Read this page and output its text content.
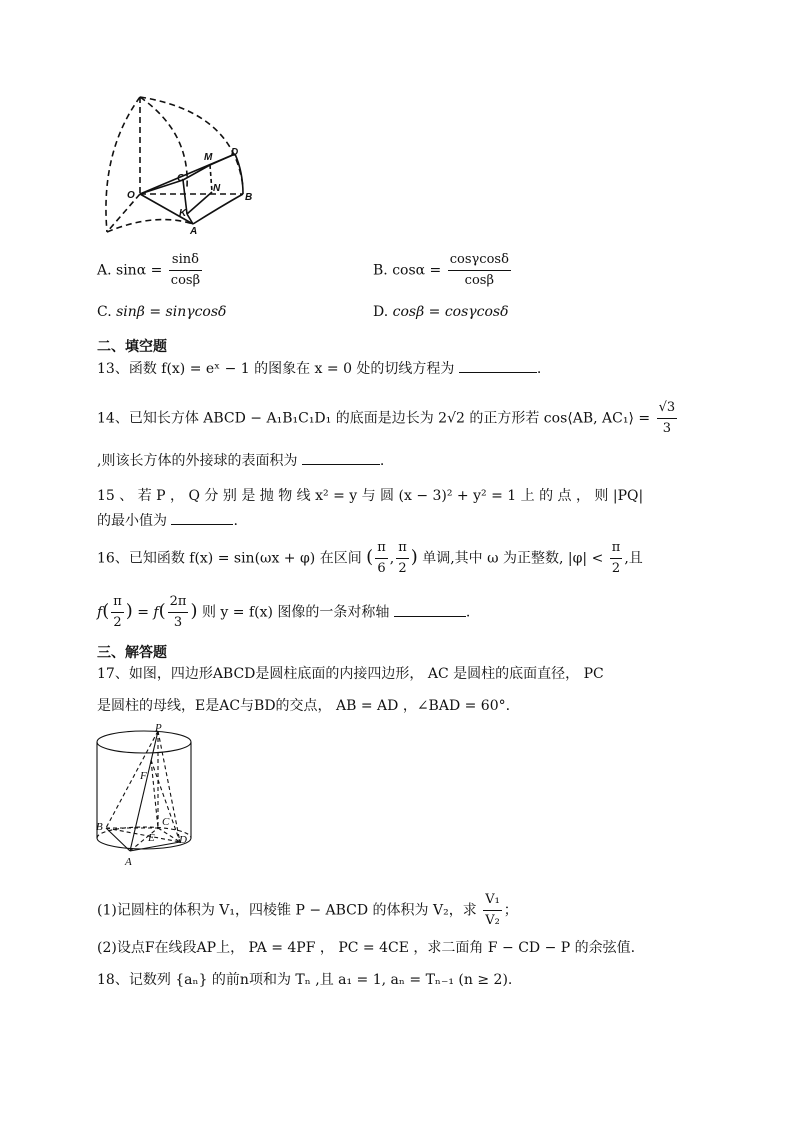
M D
C
O
N
B
K
A
A. $\sin\alpha = \frac{\sin\delta}{\cos\beta}$	B. $\cos\alpha = \frac{\cos\gamma\cos\delta}{\cos\beta}$
C. sinβ = sinγcosδ	D. cosβ = cosγcosδ
二、填空题
13、函数 f(x) = eˣ − 1 的图象在 x = 0 处的切线方程为	.
14、已知长方体 ABCD − A₁B₁C₁D₁ 的底面是边长为 2√2 的正方形若 cos⟨AB, AC₁⟩ = $\frac{√3}{3}$
,则该长方体的外接球的表面积为	.
15 、 若 P ， Q 分 别 是 抛 物 线 x² = y 与 圆 (x − 3)² + y² = 1 上 的 点 ， 则 |PQ|
的最小值为	.
16、已知函数 f(x) = sin(ωx + φ) 在区间 ( $\frac{\pi}{6}$ , $\frac{\pi}{2}$ ) 单调,其中 ω 为正整数, $|\varphi| < \frac{\pi}{2}$ ,且
$f( \frac{\pi}{2}$ ) = $f( \frac{2\pi}{3}$ ) 则 y = f(x) 图像的一条对称轴	.
三、解答题
17、如图，四边形ABCD是圆柱底面的内接四边形， AC 是圆柱的底面直径， PC
是圆柱的母线，E是AC与BD的交点， AB = AD ，∠BAD = 60°.
P
F
B	C
E D
A
(1)记圆柱的体积为 V₁，四棱锥 P − ABCD 的体积为 V₂，求 $\frac{\text{V₁}}{\text{V₂}}$ ；
(2)设点F在线段AP上， PA = 4PF ， PC = 4CE ，求二面角 F − CD − P 的余弦值.
18、记数列 {aₙ} 的前n项和为 Tₙ ,且 a₁ = 1, aₙ = Tₙ₋₁ (n ≥ 2).
